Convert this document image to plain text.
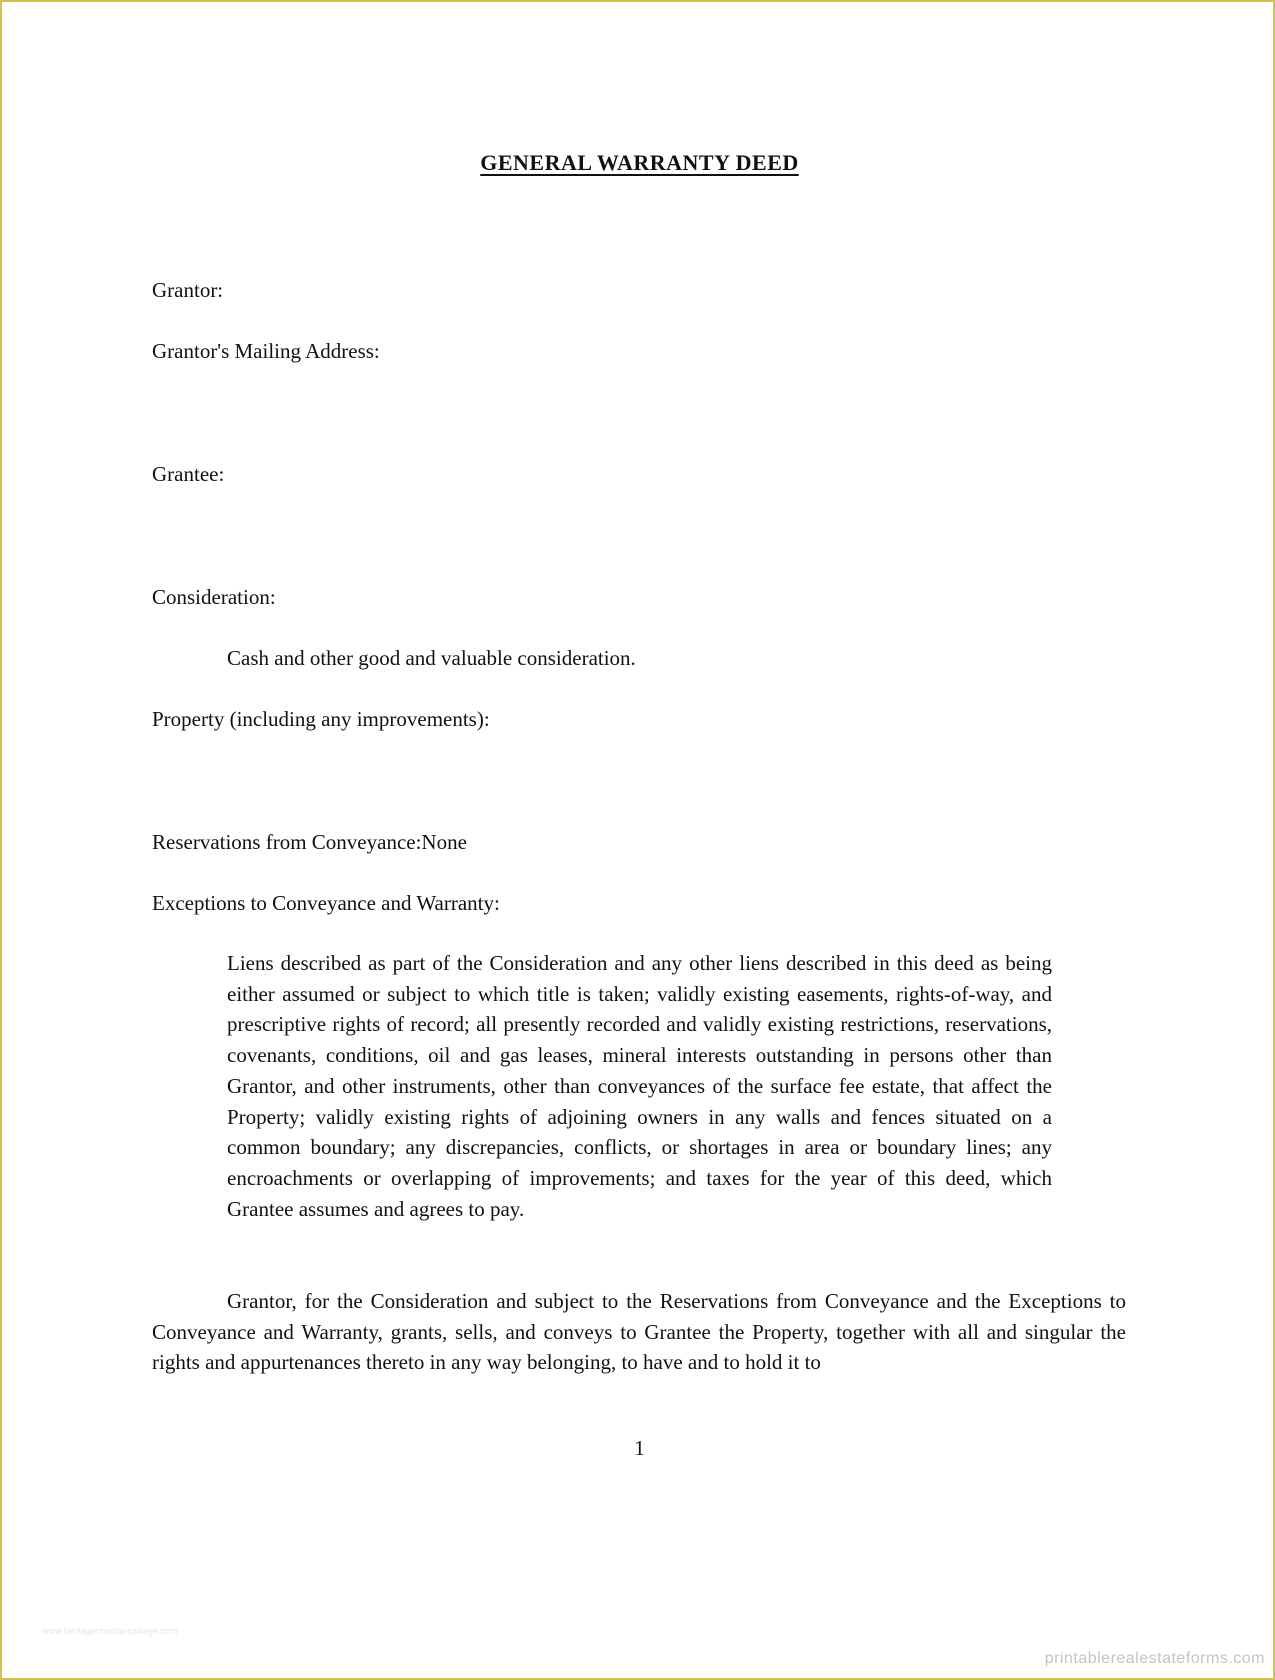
GENERAL WARRANTY DEED
Grantor:
Grantor's Mailing Address:
Grantee:
Consideration:
Cash and other good and valuable consideration.
Property (including any improvements):
Reservations from Conveyance:None
Exceptions to Conveyance and Warranty:
Liens described as part of the Consideration and any other liens described in this deed as being either assumed or subject to which title is taken; validly existing easements, rights-of-way, and prescriptive rights of record; all presently recorded and validly existing restrictions, reservations, covenants, conditions, oil and gas leases, mineral interests outstanding in persons other than Grantor, and other instruments, other than conveyances of the surface fee estate, that affect the Property; validly existing rights of adjoining owners in any walls and fences situated on a common boundary; any discrepancies, conflicts, or shortages in area or boundary lines; any encroachments or overlapping of improvements; and taxes for the year of this deed, which Grantee assumes and agrees to pay.
Grantor, for the Consideration and subject to the Reservations from Conveyance and the Exceptions to Conveyance and Warranty, grants, sells, and conveys to Grantee the Property, together with all and singular the rights and appurtenances thereto in any way belonging, to have and to hold it to
1
www.heritagechristiancollege.com
printablerealestateforms.com
